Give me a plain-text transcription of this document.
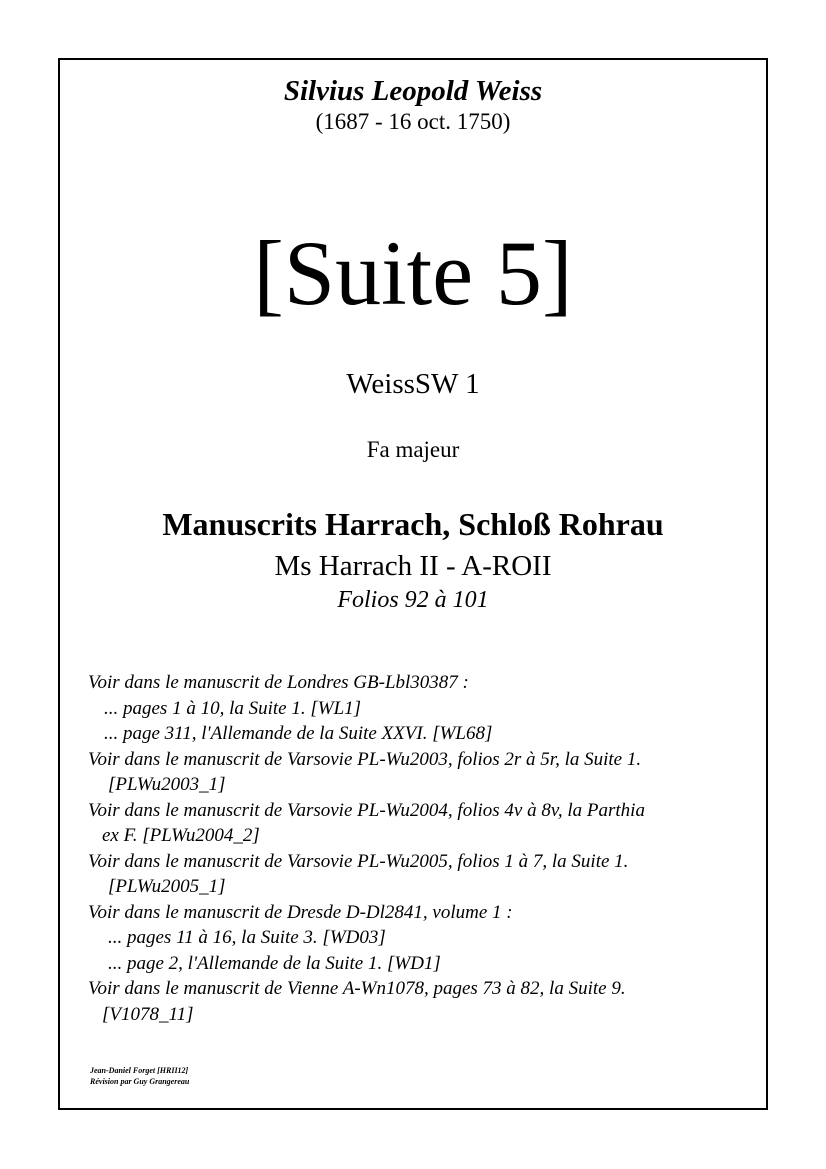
Silvius Leopold Weiss
(1687 - 16 oct. 1750)
[Suite 5]
WeissSW 1
Fa majeur
Manuscrits Harrach, Schloß Rohrau
Ms Harrach II - A-ROII
Folios 92 à 101
Voir dans le manuscrit de Londres GB-Lbl30387 :
... pages 1 à 10, la Suite 1. [WL1]
... page 311, l'Allemande de la Suite XXVI. [WL68]
Voir dans le manuscrit de Varsovie PL-Wu2003, folios 2r à 5r, la Suite 1.
[PLWu2003_1]
Voir dans le manuscrit de Varsovie PL-Wu2004, folios 4v à 8v, la Parthia
ex F. [PLWu2004_2]
Voir dans le manuscrit de Varsovie PL-Wu2005, folios 1 à 7, la Suite 1.
[PLWu2005_1]
Voir dans le manuscrit de Dresde D-Dl2841, volume 1 :
... pages 11 à 16, la Suite 3. [WD03]
... page 2, l'Allemande de la Suite 1. [WD1]
Voir dans le manuscrit de Vienne A-Wn1078, pages 73 à 82, la Suite 9.
[V1078_11]
Jean-Daniel Forget [HRII12]
Révision par Guy Grangereau
